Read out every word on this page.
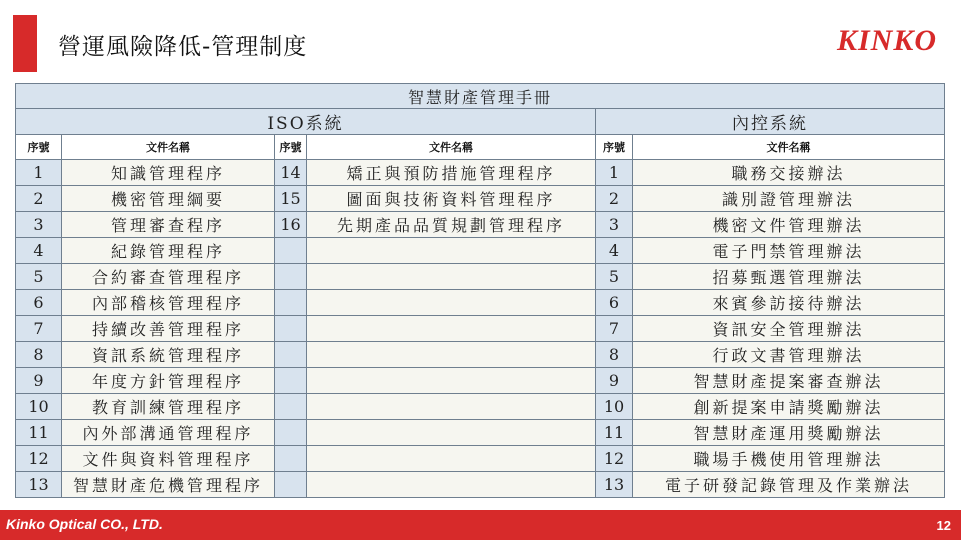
營運風險降低-管理制度	KINKO
智慧財產管理手冊					
ISO系統				內控系統	
序號	文件名稱	序號	文件名稱	序號	文件名稱
1	知識管理程序	14	矯正與預防措施管理程序	1	職務交接辦法
2	機密管理綱要	15	圖面與技術資料管理程序	2	識別證管理辦法
3	管理審查程序	16	先期產品品質規劃管理程序	3	機密文件管理辦法
4	紀錄管理程序			4	電子門禁管理辦法
5	合約審查管理程序			5	招募甄選管理辦法
6	內部稽核管理程序			6	來賓參訪接待辦法
7	持續改善管理程序			7	資訊安全管理辦法
8	資訊系統管理程序			8	行政文書管理辦法
9	年度方針管理程序			9	智慧財產提案審查辦法
10	教育訓練管理程序			10	創新提案申請獎勵辦法
11	內外部溝通管理程序			11	智慧財產運用獎勵辦法
12	文件與資料管理程序			12	職場手機使用管理辦法
13	智慧財產危機管理程序			13	電子研發記錄管理及作業辦法
Kinko Optical CO., LTD.	12
